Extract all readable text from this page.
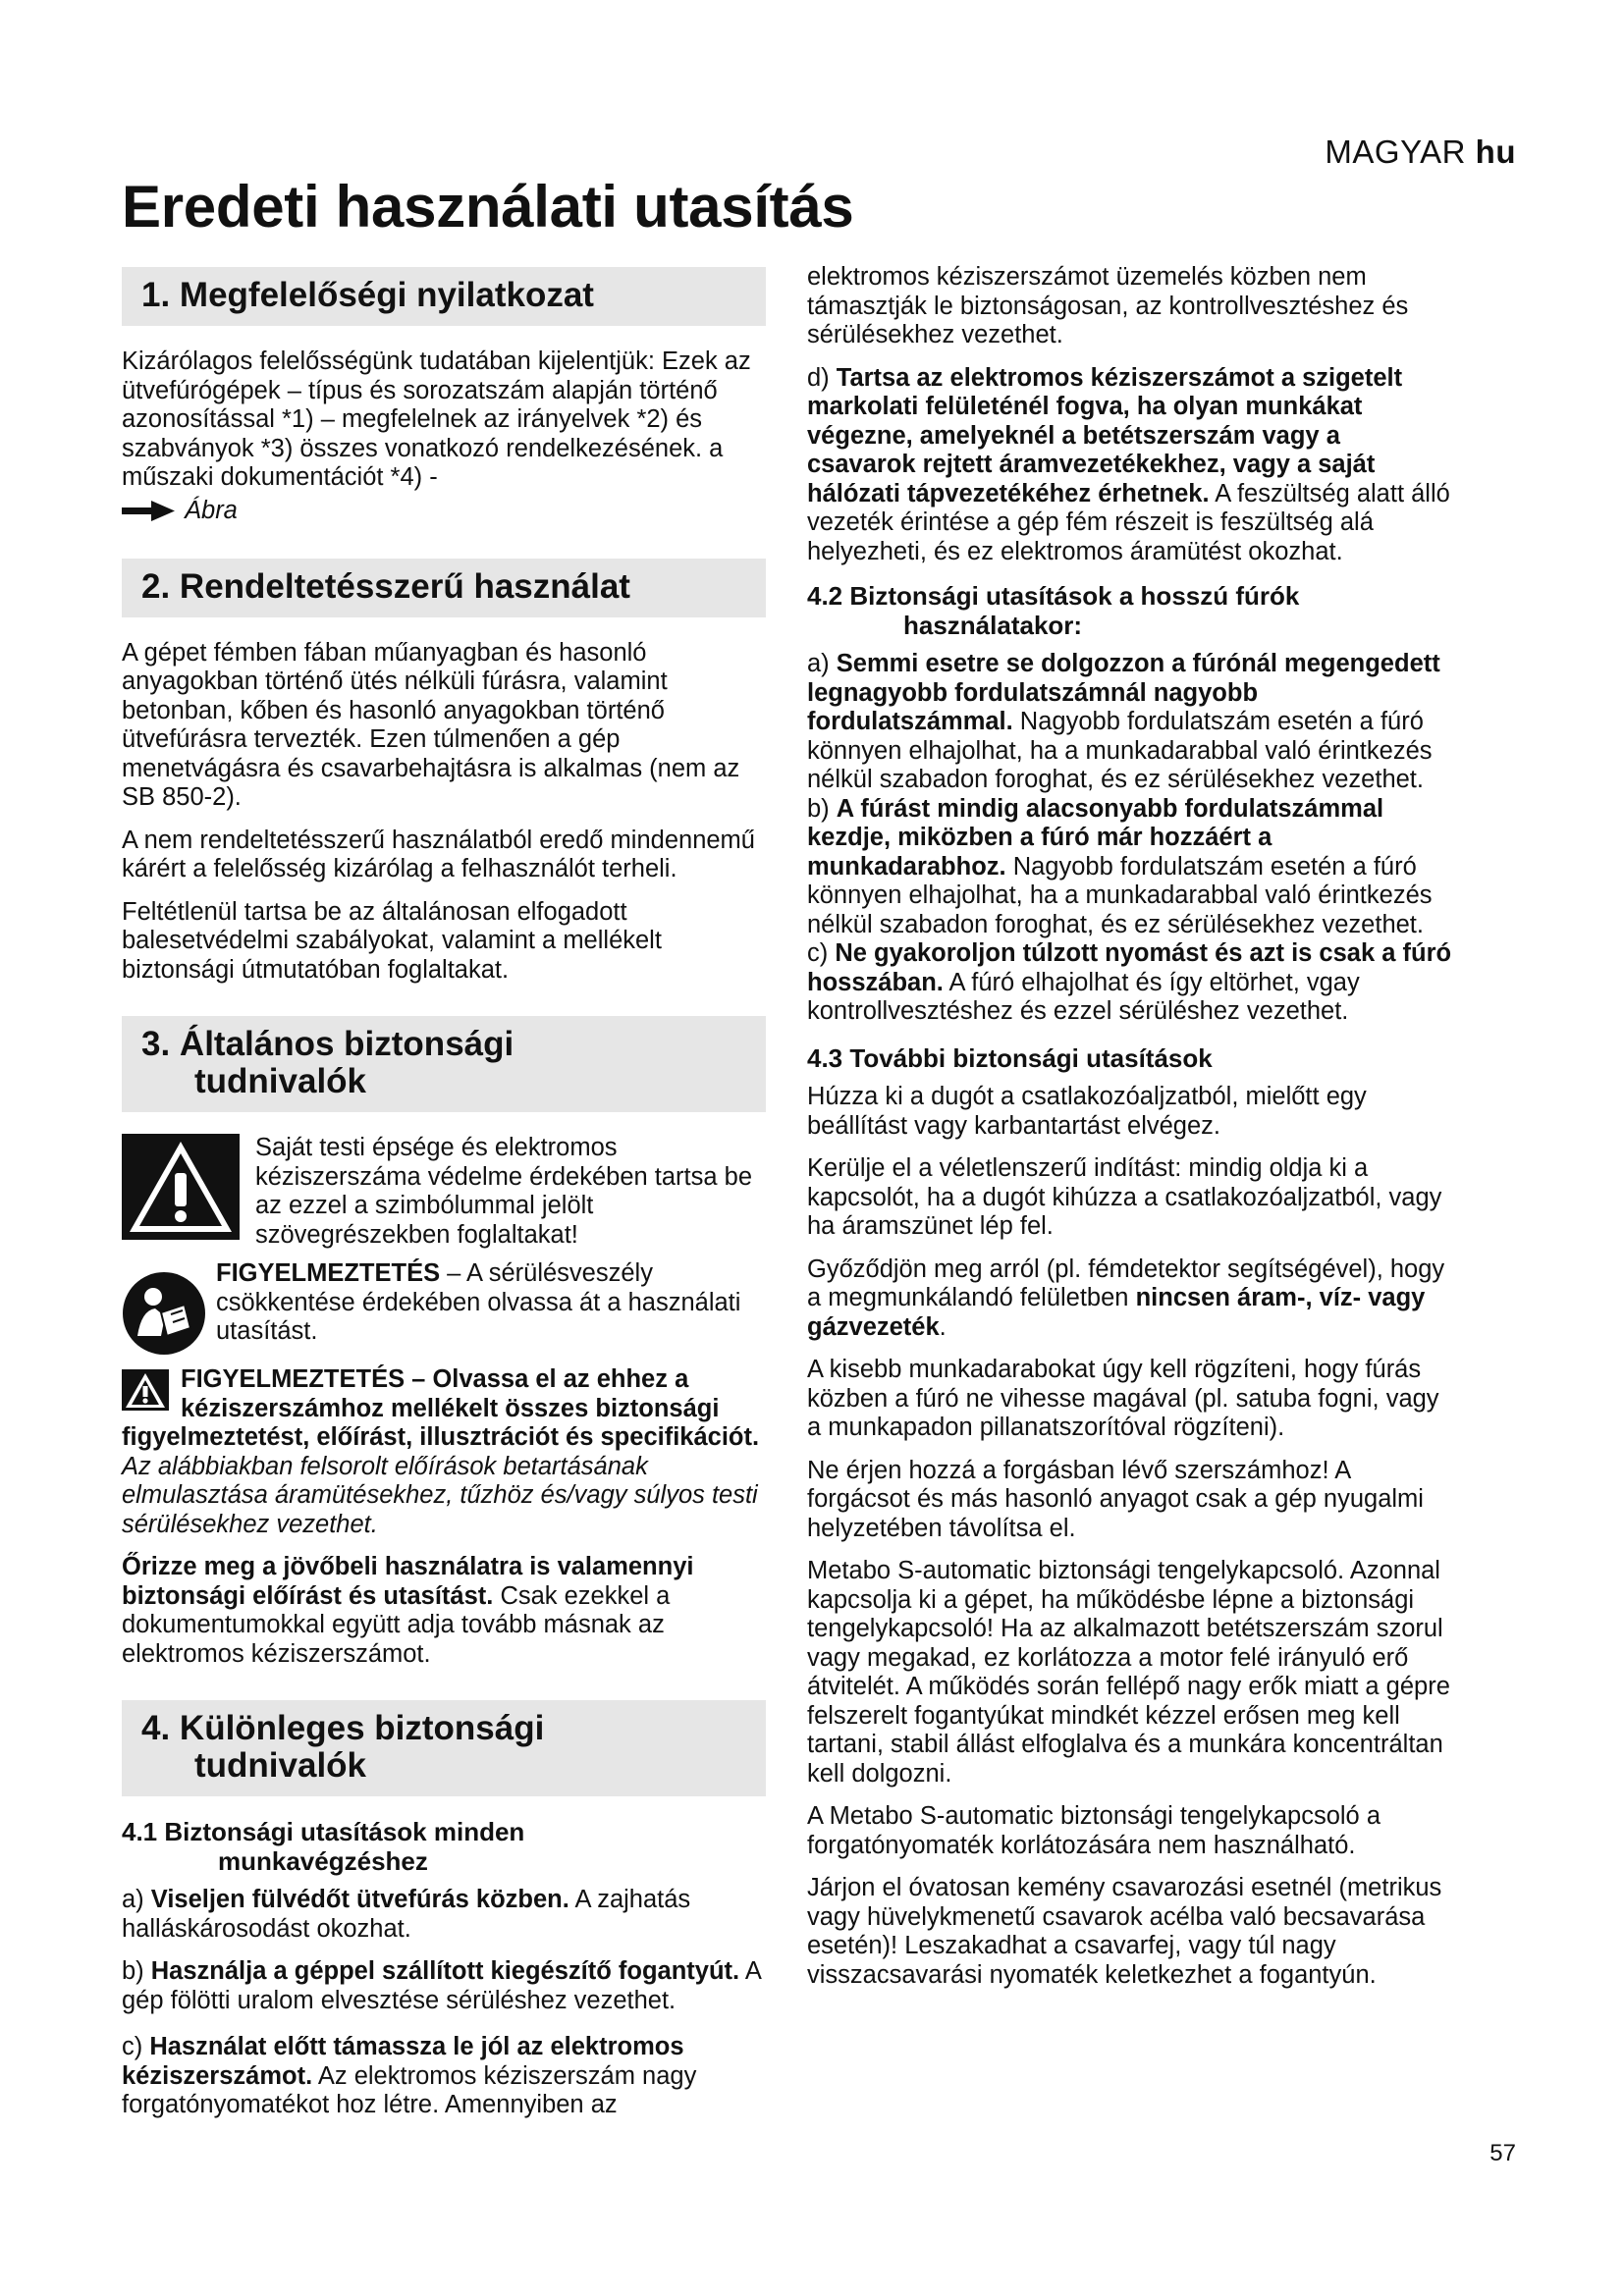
MAGYAR hu
Eredeti használati utasítás
1. Megfelelőségi nyilatkozat

Kizárólagos felelősségünk tudatában kijelentjük: Ezek az ütvefúrógépek – típus és sorozatszám alapján történő azonosítással *1) – megfelelnek az irányelvek *2) és szabványok *3) összes vonatkozó rendelkezésének. a műszaki dokumentációt *4) -

Ábra
2. Rendeltetésszerű használat

A gépet fémben fában műanyagban és hasonló anyagokban történő ütés nélküli fúrásra, valamint betonban, kőben és hasonló anyagokban történő ütvefúrásra tervezték. Ezen túlmenően a gép menetvágásra és csavarbehajtásra is alkalmas (nem az SB 850-2).

A nem rendeltetésszerű használatból eredő mindennemű kárért a felelősség kizárólag a felhasználót terheli.

Feltétlenül tartsa be az általánosan elfogadott balesetvédelmi szabályokat, valamint a mellékelt biztonsági útmutatóban foglaltakat.

3. Általános biztonsági
tudnivalók

Saját testi épsége és elektromos kéziszerszáma védelme érdekében tartsa be az ezzel a szimbólummal jelölt szövegrészekben foglaltakat!

FIGYELMEZTETÉS – A sérülésveszély csökkentése érdekében olvassa át a használati utasítást.

FIGYELMEZTETÉS – Olvassa el az ehhez a kéziszerszámhoz mellékelt összes biztonsági figyelmeztetést, előírást, illusztrációt és specifikációt. Az alábbiakban felsorolt előírások betartásának elmulasztása áramütésekhez, tűzhöz és/vagy súlyos testi sérülésekhez vezethet.

Őrizze meg a jövőbeli használatra is valamennyi biztonsági előírást és utasítást. Csak ezekkel a dokumentumokkal együtt adja tovább másnak az elektromos kéziszerszámot.

4. Különleges biztonsági
tudnivalók
4.1 Biztonsági utasítások minden
munkavégzéshez

a) Viseljen fülvédőt ütvefúrás közben. A zajhatás halláskárosodást okozhat.

b) Használja a géppel szállított kiegészítő fogantyút. A gép fölötti uralom elvesztése sérüléshez vezethet.

c) Használat előtt támassza le jól az elektromos kéziszerszámot. Az elektromos kéziszerszám nagy forgatónyomatékot hoz létre. Amennyiben az

elektromos kéziszerszámot üzemelés közben nem támasztják le biztonságosan, az kontrollvesztéshez és sérülésekhez vezethet.

d) Tartsa az elektromos kéziszerszámot a szigetelt markolati felületénél fogva, ha olyan munkákat végezne, amelyeknél a betétszerszám vagy a csavarok rejtett áramvezetékekhez, vagy a saját hálózati tápvezetékéhez érhetnek. A feszültség alatt álló vezeték érintése a gép fém részeit is feszültség alá helyezheti, és ez elektromos áramütést okozhat.

4.2 Biztonsági utasítások a hosszú fúrók
használatakor:

a) Semmi esetre se dolgozzon a fúrónál megengedett legnagyobb fordulatszámnál nagyobb fordulatszámmal. Nagyobb fordulatszám esetén a fúró könnyen elhajolhat, ha a munkadarabbal való érintkezés nélkül szabadon foroghat, és ez sérülésekhez vezethet.

b) A fúrást mindig alacsonyabb fordulatszámmal kezdje, miközben a fúró már hozzáért a munkadarabhoz. Nagyobb fordulatszám esetén a fúró könnyen elhajolhat, ha a munkadarabbal való érintkezés nélkül szabadon foroghat, és ez sérülésekhez vezethet.

c) Ne gyakoroljon túlzott nyomást és azt is csak a fúró hosszában. A fúró elhajolhat és így eltörhet, vgay kontrollvesztéshez és ezzel sérüléshez vezethet.

4.3 További biztonsági utasítások

Húzza ki a dugót a csatlakozóaljzatból, mielőtt egy beállítást vagy karbantartást elvégez.

Kerülje el a véletlenszerű indítást: mindig oldja ki a kapcsolót, ha a dugót kihúzza a csatlakozóaljzatból, vagy ha áramszünet lép fel.

Győződjön meg arról (pl. fémdetektor segítségével), hogy a megmunkálandó felületben nincsen áram-, víz- vagy gázvezeték.

A kisebb munkadarabokat úgy kell rögzíteni, hogy fúrás közben a fúró ne vihesse magával (pl. satuba fogni, vagy a munkapadon pillanatszorítóval rögzíteni).

Ne érjen hozzá a forgásban lévő szerszámhoz! A forgácsot és más hasonló anyagot csak a gép nyugalmi helyzetében távolítsa el.

Metabo S-automatic biztonsági tengelykapcsoló. Azonnal kapcsolja ki a gépet, ha működésbe lépne a biztonsági tengelykapcsoló! Ha az alkalmazott betétszerszám szorul vagy megakad, ez korlátozza a motor felé irányuló erő átvitelét. A működés során fellépő nagy erők miatt a gépre felszerelt fogantyúkat mindkét kézzel erősen meg kell tartani, stabil állást elfoglalva és a munkára koncentráltan kell dolgozni.

A Metabo S-automatic biztonsági tengelykapcsoló a forgatónyomaték korlátozására nem használható.

Járjon el óvatosan kemény csavarozási esetnél (metrikus vagy hüvelykmenetű csavarok acélba való becsavarása esetén)! Leszakadhat a csavarfej, vagy túl nagy visszacsavarási nyomaték keletkezhet a fogantyún.

57
